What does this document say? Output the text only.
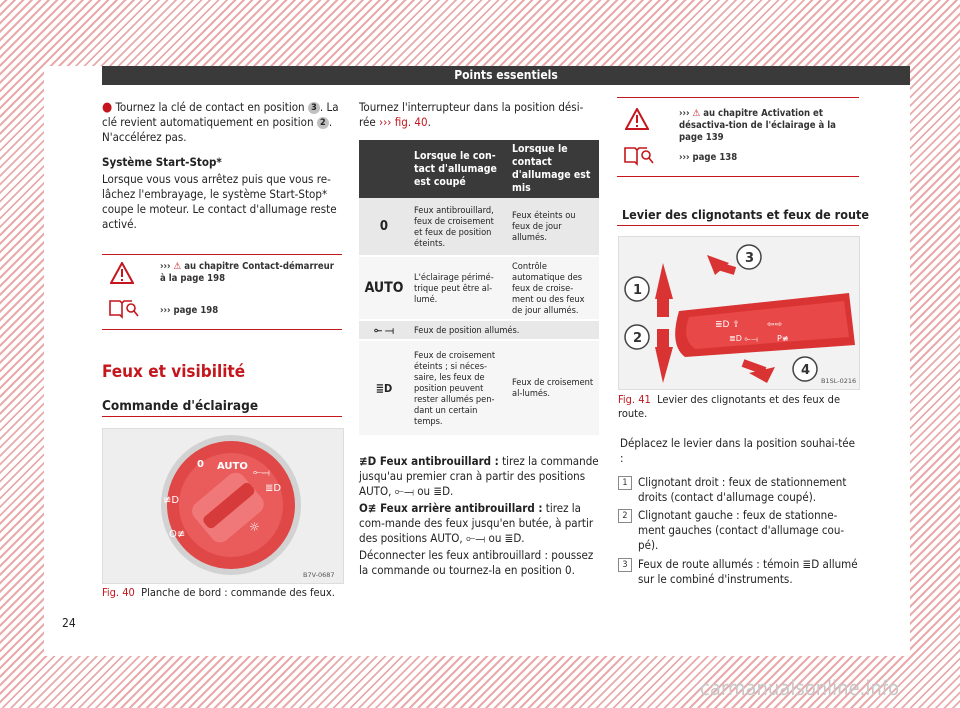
Points essentiels

● Tournez la clé de contact en position 3 . La clé revient automatiquement en position 2 . N'accélérez pas.

Système Start-Stop*

Lorsque vous vous arrêtez puis que vous re-lâchez l'embrayage, le système Start-Stop* coupe le moteur. Le contact d'allumage reste activé.

››› ⚠ au chapitre Contact-démarreur à la page 198
››› page 198
Feux et visibilité
Commande d'éclairage
AUTO
0
⟜⟞
≣D
☼
≢D
O≢
B7V-0687
Fig. 40 Planche de bord : commande des feux.
24

Tournez l'interrupteur dans la position dési-rée ››› fig. 40.

	Lorsque le con-tact d'allumage est coupé	Lorsque le contact d'allumage est mis
0	Feux antibrouillard, feux de croisement et feux de position éteints.	Feux éteints ou feux de jour allumés.
AUTO	L'éclairage périmé-trique peut être al-lumé.	Contrôle automatique des feux de croise-ment ou des feux de jour allumés.
⟜ ⟞	Feux de position allumés.	
≣D	Feux de croisement éteints ; si néces-saire, les feux de position peuvent rester allumés pen-dant un certain temps.	Feux de croisement al-lumés.

≢D Feux antibrouillard : tirez la commande jusqu'au premier cran à partir des positions AUTO, ⟜⟞ ou ≣D.

O≢ Feux arrière antibrouillard : tirez la com-mande des feux jusqu'en butée, à partir des positions AUTO, ⟜⟞ ou ≣D.

Déconnecter les feux antibrouillard : poussez la commande ou tournez-la en position 0.

››› ⚠ au chapitre Activation et désactiva-tion de l'éclairage à la page 139
››› page 138
Levier des clignotants et feux de route
≣D ⇧	⇦⇨
≣D ⟜⟞ P≢
1
2
3
4
B1SL-0216
Fig. 41 Levier des clignotants et des feux de route.
Déplacez le levier dans la position souhai-tée :
1 Clignotant droit : feux de stationnement droits (contact d'allumage coupé).
2 Clignotant gauche : feux de stationne-ment gauches (contact d'allumage cou-pé).
3 Feux de route allumés : témoin ≣D allumé sur le combiné d'instruments.
carmanualsonline.info
